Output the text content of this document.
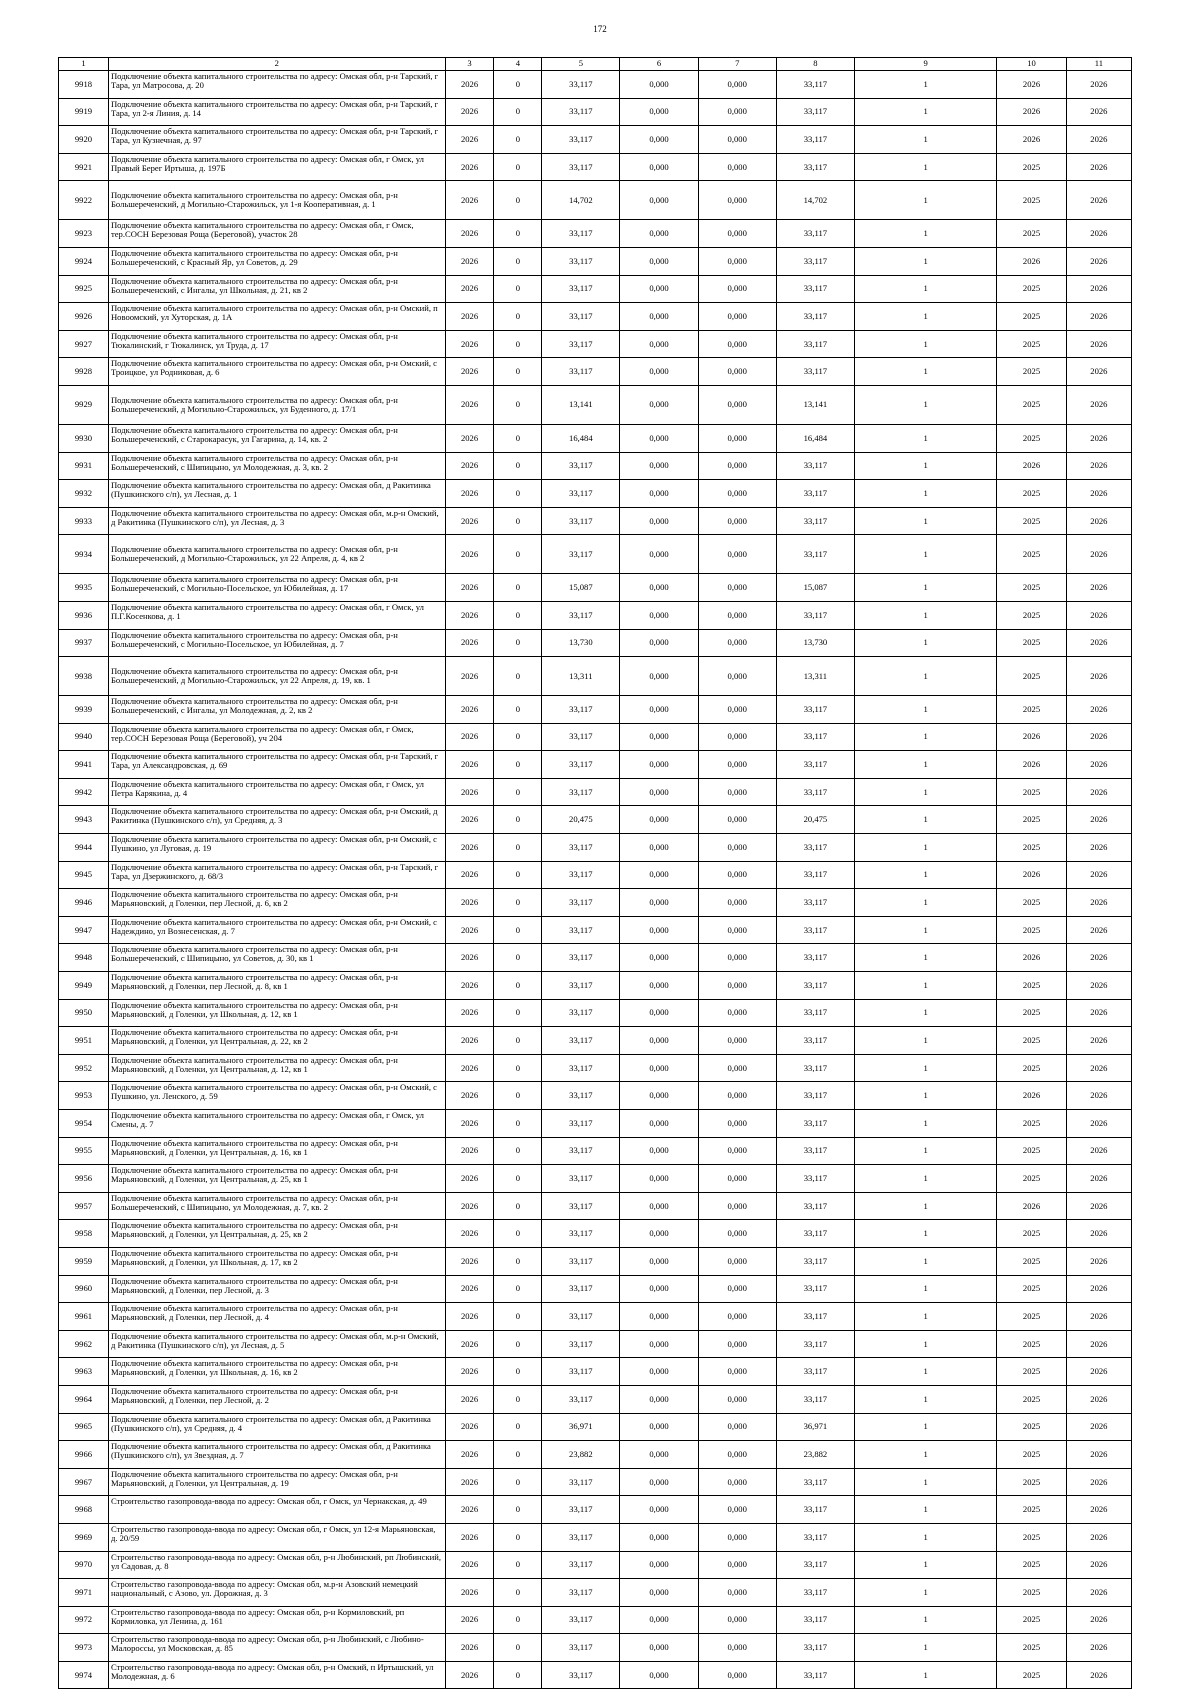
172
1	2	3	4	5	6	7	8	9	10	11
9918	Подключение объекта капитального строительства по адресу: Омская обл, р-н Тарский, г Тара, ул Матросова, д. 20	2026	0	33,117	0,000	0,000	33,117	1	2026	2026
9919	Подключение объекта капитального строительства по адресу: Омская обл, р-н Тарский, г Тара, ул 2-я Линия, д. 14	2026	0	33,117	0,000	0,000	33,117	1	2026	2026
9920	Подключение объекта капитального строительства по адресу: Омская обл, р-н Тарский, г Тара, ул Кузнечная, д. 97	2026	0	33,117	0,000	0,000	33,117	1	2026	2026
9921	Подключение объекта капитального строительства по адресу: Омская обл, г Омск, ул Правый Берег Иртыша, д. 197Б	2026	0	33,117	0,000	0,000	33,117	1	2025	2026
9922	Подключение объекта капитального строительства по адресу: Омская обл, р-н Большереченский, д Могильно-Старожильск, ул 1-я Кооперативная, д. 1	2026	0	14,702	0,000	0,000	14,702	1	2025	2026
9923	Подключение объекта капитального строительства по адресу: Омская обл, г Омск, тер.СОСН Березовая Роща (Береговой), участок 28	2026	0	33,117	0,000	0,000	33,117	1	2025	2026
9924	Подключение объекта капитального строительства по адресу: Омская обл, р-н Большереченский, с Красный Яр, ул Советов, д. 29	2026	0	33,117	0,000	0,000	33,117	1	2026	2026
9925	Подключение объекта капитального строительства по адресу: Омская обл, р-н Большереченский, с Ингалы, ул Школьная, д. 21, кв 2	2026	0	33,117	0,000	0,000	33,117	1	2025	2026
9926	Подключение объекта капитального строительства по адресу: Омская обл, р-н Омский, п Новоомский, ул Хуторская, д. 1А	2026	0	33,117	0,000	0,000	33,117	1	2025	2026
9927	Подключение объекта капитального строительства по адресу: Омская обл, р-н Тюкалинский, г Тюкалинск, ул Труда, д. 17	2026	0	33,117	0,000	0,000	33,117	1	2025	2026
9928	Подключение объекта капитального строительства по адресу: Омская обл, р-н Омский, с Троицкое, ул Родниковая, д. 6	2026	0	33,117	0,000	0,000	33,117	1	2025	2026
9929	Подключение объекта капитального строительства по адресу: Омская обл, р-н Большереченский, д Могильно-Старожильск, ул Буденного, д. 17/1	2026	0	13,141	0,000	0,000	13,141	1	2025	2026
9930	Подключение объекта капитального строительства по адресу: Омская обл, р-н Большереченский, с Старокарасук, ул Гагарина, д. 14, кв. 2	2026	0	16,484	0,000	0,000	16,484	1	2025	2026
9931	Подключение объекта капитального строительства по адресу: Омская обл, р-н Большереченский, с Шипицыно, ул Молодежная, д. 3, кв. 2	2026	0	33,117	0,000	0,000	33,117	1	2026	2026
9932	Подключение объекта капитального строительства по адресу: Омская обл, д Ракитинка (Пушкинского с/п), ул Лесная, д. 1	2026	0	33,117	0,000	0,000	33,117	1	2025	2026
9933	Подключение объекта капитального строительства по адресу: Омская обл, м.р-н Омский, д Ракитинка (Пушкинского с/п), ул Лесная, д. 3	2026	0	33,117	0,000	0,000	33,117	1	2025	2026
9934	Подключение объекта капитального строительства по адресу: Омская обл, р-н Большереченский, д Могильно-Старожильск, ул 22 Апреля, д. 4, кв 2	2026	0	33,117	0,000	0,000	33,117	1	2025	2026
9935	Подключение объекта капитального строительства по адресу: Омская обл, р-н Большереченский, с Могильно-Посельское, ул Юбилейная, д. 17	2026	0	15,087	0,000	0,000	15,087	1	2025	2026
9936	Подключение объекта капитального строительства по адресу: Омская обл, г Омск, ул П.Г.Косенкова, д. 1	2026	0	33,117	0,000	0,000	33,117	1	2025	2026
9937	Подключение объекта капитального строительства по адресу: Омская обл, р-н Большереченский, с Могильно-Посельское, ул Юбилейная, д. 7	2026	0	13,730	0,000	0,000	13,730	1	2025	2026
9938	Подключение объекта капитального строительства по адресу: Омская обл, р-н Большереченский, д Могильно-Старожильск, ул 22 Апреля, д. 19, кв. 1	2026	0	13,311	0,000	0,000	13,311	1	2025	2026
9939	Подключение объекта капитального строительства по адресу: Омская обл, р-н Большереченский, с Ингалы, ул Молодежная, д. 2, кв 2	2026	0	33,117	0,000	0,000	33,117	1	2025	2026
9940	Подключение объекта капитального строительства по адресу: Омская обл, г Омск, тер.СОСН Березовая Роща (Береговой), уч 204	2026	0	33,117	0,000	0,000	33,117	1	2026	2026
9941	Подключение объекта капитального строительства по адресу: Омская обл, р-н Тарский, г Тара, ул Александровская, д. 69	2026	0	33,117	0,000	0,000	33,117	1	2026	2026
9942	Подключение объекта капитального строительства по адресу: Омская обл, г Омск, ул Петра Карякина, д. 4	2026	0	33,117	0,000	0,000	33,117	1	2025	2026
9943	Подключение объекта капитального строительства по адресу: Омская обл, р-н Омский, д Ракитинка (Пушкинского с/п), ул Средняя, д. 3	2026	0	20,475	0,000	0,000	20,475	1	2025	2026
9944	Подключение объекта капитального строительства по адресу: Омская обл, р-н Омский, с Пушкино, ул Луговая, д. 19	2026	0	33,117	0,000	0,000	33,117	1	2025	2026
9945	Подключение объекта капитального строительства по адресу: Омская обл, р-н Тарский, г Тара, ул Дзержинского, д. 68/3	2026	0	33,117	0,000	0,000	33,117	1	2026	2026
9946	Подключение объекта капитального строительства по адресу: Омская обл, р-н Марьяновский, д Голенки, пер Лесной, д. 6, кв 2	2026	0	33,117	0,000	0,000	33,117	1	2025	2026
9947	Подключение объекта капитального строительства по адресу: Омская обл, р-н Омский, с Надеждино, ул Вознесенская, д. 7	2026	0	33,117	0,000	0,000	33,117	1	2025	2026
9948	Подключение объекта капитального строительства по адресу: Омская обл, р-н Большереченский, с Шипицыно, ул Советов, д. 30, кв 1	2026	0	33,117	0,000	0,000	33,117	1	2026	2026
9949	Подключение объекта капитального строительства по адресу: Омская обл, р-н Марьяновский, д Голенки, пер Лесной, д. 8, кв 1	2026	0	33,117	0,000	0,000	33,117	1	2025	2026
9950	Подключение объекта капитального строительства по адресу: Омская обл, р-н Марьяновский, д Голенки, ул Школьная, д. 12, кв 1	2026	0	33,117	0,000	0,000	33,117	1	2025	2026
9951	Подключение объекта капитального строительства по адресу: Омская обл, р-н Марьяновский, д Голенки, ул Центральная, д. 22, кв 2	2026	0	33,117	0,000	0,000	33,117	1	2025	2026
9952	Подключение объекта капитального строительства по адресу: Омская обл, р-н Марьяновский, д Голенки, ул Центральная, д. 12, кв 1	2026	0	33,117	0,000	0,000	33,117	1	2025	2026
9953	Подключение объекта капитального строительства по адресу: Омская обл, р-н Омский, с Пушкино, ул. Ленского, д. 59	2026	0	33,117	0,000	0,000	33,117	1	2026	2026
9954	Подключение объекта капитального строительства по адресу: Омская обл, г Омск, ул Смены, д. 7	2026	0	33,117	0,000	0,000	33,117	1	2025	2026
9955	Подключение объекта капитального строительства по адресу: Омская обл, р-н Марьяновский, д Голенки, ул Центральная, д. 16, кв 1	2026	0	33,117	0,000	0,000	33,117	1	2025	2026
9956	Подключение объекта капитального строительства по адресу: Омская обл, р-н Марьяновский, д Голенки, ул Центральная, д. 25, кв 1	2026	0	33,117	0,000	0,000	33,117	1	2025	2026
9957	Подключение объекта капитального строительства по адресу: Омская обл, р-н Большереченский, с Шипицыно, ул Молодежная, д. 7, кв. 2	2026	0	33,117	0,000	0,000	33,117	1	2026	2026
9958	Подключение объекта капитального строительства по адресу: Омская обл, р-н Марьяновский, д Голенки, ул Центральная, д. 25, кв 2	2026	0	33,117	0,000	0,000	33,117	1	2025	2026
9959	Подключение объекта капитального строительства по адресу: Омская обл, р-н Марьяновский, д Голенки, ул Школьная, д. 17, кв 2	2026	0	33,117	0,000	0,000	33,117	1	2025	2026
9960	Подключение объекта капитального строительства по адресу: Омская обл, р-н Марьяновский, д Голенки, пер Лесной, д. 3	2026	0	33,117	0,000	0,000	33,117	1	2025	2026
9961	Подключение объекта капитального строительства по адресу: Омская обл, р-н Марьяновский, д Голенки, пер Лесной, д. 4	2026	0	33,117	0,000	0,000	33,117	1	2025	2026
9962	Подключение объекта капитального строительства по адресу: Омская обл, м.р-н Омский, д Ракитинка (Пушкинского с/п), ул Лесная, д. 5	2026	0	33,117	0,000	0,000	33,117	1	2025	2026
9963	Подключение объекта капитального строительства по адресу: Омская обл, р-н Марьяновский, д Голенки, ул Школьная, д. 16, кв 2	2026	0	33,117	0,000	0,000	33,117	1	2025	2026
9964	Подключение объекта капитального строительства по адресу: Омская обл, р-н Марьяновский, д Голенки, пер Лесной, д. 2	2026	0	33,117	0,000	0,000	33,117	1	2025	2026
9965	Подключение объекта капитального строительства по адресу: Омская обл, д Ракитинка (Пушкинского с/п), ул Средняя, д. 4	2026	0	36,971	0,000	0,000	36,971	1	2025	2026
9966	Подключение объекта капитального строительства по адресу: Омская обл, д Ракитинка (Пушкинского с/п), ул Звездная, д. 7	2026	0	23,882	0,000	0,000	23,882	1	2025	2026
9967	Подключение объекта капитального строительства по адресу: Омская обл, р-н Марьяновский, д Голенки, ул Центральная, д. 19	2026	0	33,117	0,000	0,000	33,117	1	2025	2026
9968	Строительство газопровода-ввода по адресу: Омская обл, г Омск, ул Чернакская, д. 49	2026	0	33,117	0,000	0,000	33,117	1	2025	2026
9969	Строительство газопровода-ввода по адресу: Омская обл, г Омск, ул 12-я Марьяновская, д. 20/59	2026	0	33,117	0,000	0,000	33,117	1	2025	2026
9970	Строительство газопровода-ввода по адресу: Омская обл, р-н Любинский, рп Любинский, ул Садовая, д. 8	2026	0	33,117	0,000	0,000	33,117	1	2025	2026
9971	Строительство газопровода-ввода по адресу: Омская обл, м.р-н Азовский немецкий национальный, с Азово, ул. Дорожная, д. 3	2026	0	33,117	0,000	0,000	33,117	1	2025	2026
9972	Строительство газопровода-ввода по адресу: Омская обл, р-н Кормиловский, рп Кормиловка, ул Ленина, д. 161	2026	0	33,117	0,000	0,000	33,117	1	2025	2026
9973	Строительство газопровода-ввода по адресу: Омская обл, р-н Любинский, с Любино-Малороссы, ул Московская, д. 85	2026	0	33,117	0,000	0,000	33,117	1	2025	2026
9974	Строительство газопровода-ввода по адресу: Омская обл, р-н Омский, п Иртышский, ул Молодежная, д. 6	2026	0	33,117	0,000	0,000	33,117	1	2025	2026
